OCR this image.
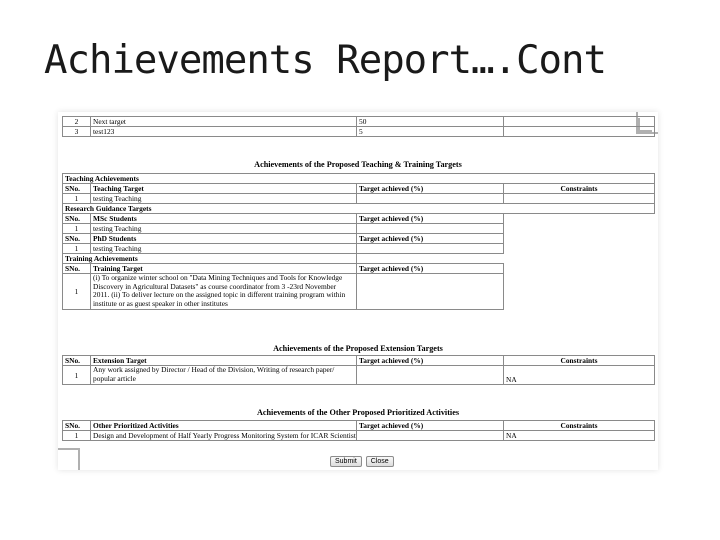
Achievements Report….Cont
2	Next target	50	
3	test123	5	
Achievements of the Proposed Teaching & Training Targets
Teaching Achievements			
SNo.	Teaching Target	Target achieved (%)	Constraints
1	testing Teaching		
Research Guidance Targets			
SNo.	MSc Students	Target achieved (%)	
1	testing Teaching		
SNo.	PhD Students	Target achieved (%)	
1	testing Teaching		
Training Achievements			
SNo.	Training Target	Target achieved (%)	
1	(i) To organize winter school on "Data Mining Techniques and Tools for Knowledge Discovery in Agricultural Datasets" as course coordinator from 3 -23rd November 2011. (ii) To deliver lecture on the assigned topic in different training program within institute or as guest speaker in other institutes		
Achievements of the Proposed Extension Targets
SNo.	Extension Target	Target achieved (%)	Constraints
1	Any work assigned by Director / Head of the Division, Writing of research paper/ popular article		NA
Achievements of the Other Proposed Prioritized Activities
SNo.	Other Prioritized Activities	Target achieved (%)	Constraints
1	Design and Development of Half Yearly Progress Monitoring System for ICAR Scientist		NA
Submit	Close
